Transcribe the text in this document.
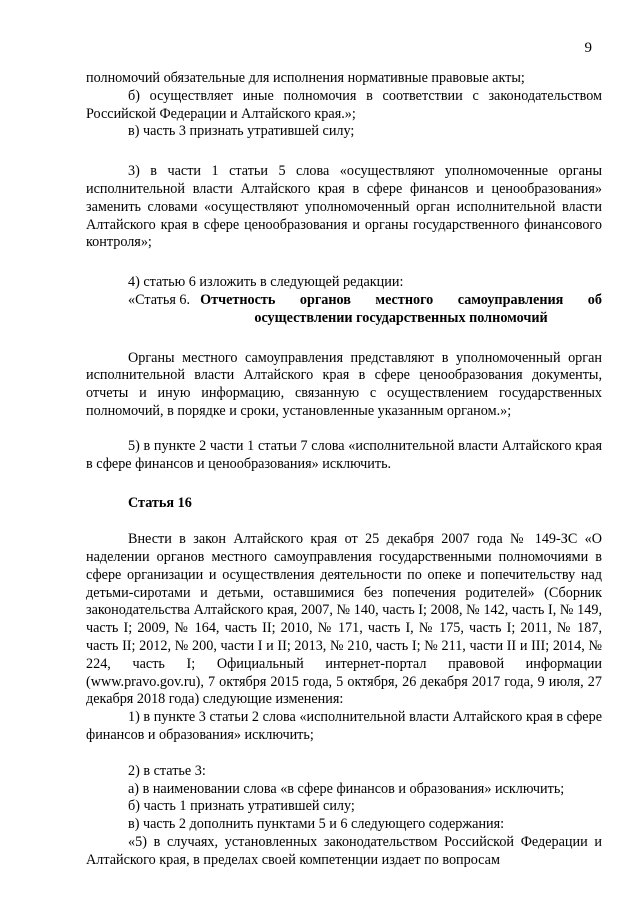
9

полномочий обязательные для исполнения нормативные правовые акты;

б) осуществляет иные полномочия в соответствии с законодательством Российской Федерации и Алтайского края.»;

в) часть 3 признать утратившей силу;

3) в части 1 статьи 5 слова «осуществляют уполномоченные органы исполнительной власти Алтайского края в сфере финансов и ценообразования» заменить словами «осуществляют уполномоченный орган исполнительной власти Алтайского края в сфере ценообразования и органы государственного финансового контроля»;

4) статью 6 изложить в следующей редакции:

«Статья 6. Отчетность органов местного самоуправления об осуществлении государственных полномочий

Органы местного самоуправления представляют в уполномоченный орган исполнительной власти Алтайского края в сфере ценообразования документы, отчеты и иную информацию, связанную с осуществлением государственных полномочий, в порядке и сроки, установленные указанным органом.»;

5) в пункте 2 части 1 статьи 7 слова «исполнительной власти Алтайского края в сфере финансов и ценообразования» исключить.

Статья 16

Внести в закон Алтайского края от 25 декабря 2007 года № 149-ЗС «О наделении органов местного самоуправления государственными полномочиями в сфере организации и осуществления деятельности по опеке и попечительству над детьми-сиротами и детьми, оставшимися без попечения родителей» (Сборник законодательства Алтайского края, 2007, № 140, часть I; 2008, № 142, часть I, № 149, часть I; 2009, № 164, часть II; 2010, № 171, часть I, № 175, часть I; 2011, № 187, часть II; 2012, № 200, части I и II; 2013, № 210, часть I; № 211, части II и III; 2014, № 224, часть I; Официальный интернет-портал правовой информации (www.pravo.gov.ru), 7 октября 2015 года, 5 октября, 26 декабря 2017 года, 9 июля, 27 декабря 2018 года) следующие изменения:

1) в пункте 3 статьи 2 слова «исполнительной власти Алтайского края в сфере финансов и образования» исключить;

2) в статье 3:

а) в наименовании слова «в сфере финансов и образования» исключить;

б) часть 1 признать утратившей силу;

в) часть 2 дополнить пунктами 5 и 6 следующего содержания:

«5) в случаях, установленных законодательством Российской Федерации и Алтайского края, в пределах своей компетенции издает по вопросам
